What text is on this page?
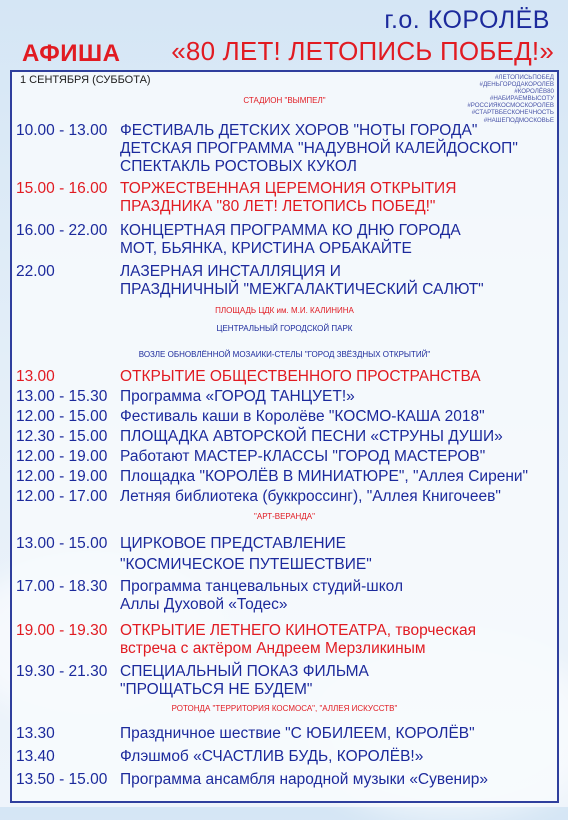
г.о. КОРОЛЁВ
АФИША «80 ЛЕТ! ЛЕТОПИСЬ ПОБЕД!»
1 СЕНТЯБРЯ (СУББОТА)	#ЛЕТОПИСЬПОБЕД
#ДЕНЬГОРОДАКОРОЛЕВ
#КОРОЛЁВ80
#НАБИРАЕМВЫСОТУ
#РОССИЯКОСМОСКОРОЛЕВ
#СТАРТВБЕСКОНЕЧНОСТЬ
#НАШЕПОДМОСКОВЬЕ
СТАДИОН "ВЫМПЕЛ"
10.00 - 13.00 ФЕСТИВАЛЬ ДЕТСКИХ ХОРОВ "НОТЫ ГОРОДА"
ДЕТСКАЯ ПРОГРАММА "НАДУВНОЙ КАЛЕЙДОСКОП"
СПЕКТАКЛЬ РОСТОВЫХ КУКОЛ
15.00 - 16.00 ТОРЖЕСТВЕННАЯ ЦЕРЕМОНИЯ ОТКРЫТИЯ
ПРАЗДНИКА "80 ЛЕТ! ЛЕТОПИСЬ ПОБЕД!"
16.00 - 22.00 КОНЦЕРТНАЯ ПРОГРАММА КО ДНЮ ГОРОДА
МОТ, БЬЯНКА, КРИСТИНА ОРБАКАЙТЕ
22.00	ЛАЗЕРНАЯ ИНСТАЛЛЯЦИЯ И
ПРАЗДНИЧНЫЙ "МЕЖГАЛАКТИЧЕСКИЙ САЛЮТ"
ПЛОЩАДЬ ЦДК им. М.И. КАЛИНИНА
ЦЕНТРАЛЬНЫЙ ГОРОДСКОЙ ПАРК
ВОЗЛЕ ОБНОВЛЁННОЙ МОЗАИКИ-СТЕЛЫ "ГОРОД ЗВЁЗДНЫХ ОТКРЫТИЙ"
13.00	ОТКРЫТИЕ ОБЩЕСТВЕННОГО ПРОСТРАНСТВА
13.00 - 15.30 Программа «ГОРОД ТАНЦУЕТ!»
12.00 - 15.00 Фестиваль каши в Королёве "КОСМО-КАША 2018"
12.30 - 15.00 ПЛОЩАДКА АВТОРСКОЙ ПЕСНИ «СТРУНЫ ДУШИ»
12.00 - 19.00 Работают МАСТЕР-КЛАССЫ "ГОРОД МАСТЕРОВ"
12.00 - 19.00 Площадка "КОРОЛЁВ В МИНИАТЮРЕ", "Аллея Сирени"
12.00 - 17.00 Летняя библиотека (буккроссинг), "Аллея Книгочеев"
"АРТ-ВЕРАНДА"
13.00 - 15.00 ЦИРКОВОЕ ПРЕДСТАВЛЕНИЕ
"КОСМИЧЕСКОЕ ПУТЕШЕСТВИЕ"
17.00 - 18.30 Программа танцевальных студий-школ
Аллы Духовой «Тодес»
19.00 - 19.30 ОТКРЫТИЕ ЛЕТНЕГО КИНОТЕАТРА, творческая
встреча с актёром Андреем Мерзликиным
19.30 - 21.30 СПЕЦИАЛЬНЫЙ ПОКАЗ ФИЛЬМА
"ПРОЩАТЬСЯ НЕ БУДЕМ"
РОТОНДА "ТЕРРИТОРИЯ КОСМОСА", "АЛЛЕЯ ИСКУССТВ"
13.30	Праздничное шествие "С ЮБИЛЕЕМ, КОРОЛЁВ"
13.40	Флэшмоб «СЧАСТЛИВ БУДЬ, КОРОЛЁВ!»
13.50 - 15.00 Программа ансамбля народной музыки «Сувенир»
